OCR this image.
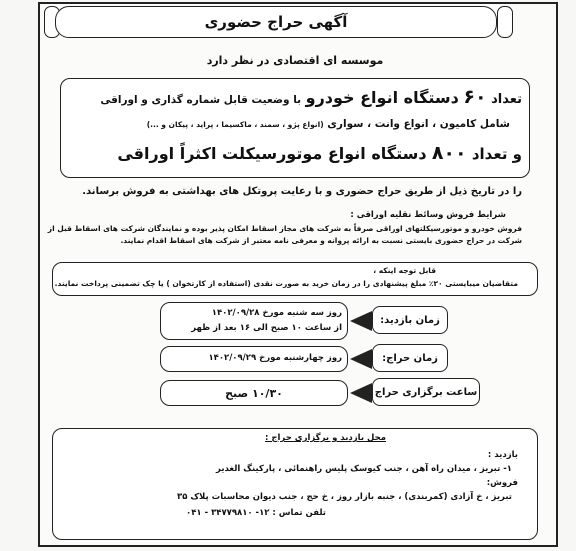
آگهی حراج حضوری
موسسه ای اقتصادی در نظر دارد
تعداد ۶۰ دستگاه انواع خودرو با وضعیت قابل شماره گذاری و اوراقی
شامل کامیون ، انواع وانت ، سواری (انواع پژو ، سمند ، ماکسیما ، پراید ، پیکان و ...)
و تعداد ۸۰۰ دستگاه انواع موتورسیکلت اکثراً اوراقی
را در تاریخ ذیل از طریق حراج حضوری و با رعایت پروتکل های بهداشتی به فروش برساند.
شرایط فروش وسائط نقلیه اوراقی :
فروش خودرو و موتورسیکلتهای اوراقی صرفاً به شرکت های مجاز اسقاط امکان پذیر بوده و نمایندگان شرکت های اسقاط قبل از
شرکت در حراج حضوری بایستی نسبت به ارائه پروانه و معرفی نامه معتبر از شرکت های اسقاط اقدام نمایند.
قابل توجه اینکه ،
متقاضیان میبایستی ۲۰٪ مبلغ پیشنهادی را در زمان خرید به صورت نقدی (استفاده از کارتخوان ) یا چک تضمینی پرداخت نمایند.
روز سه شنبه مورخ ۱۴۰۲/۰۹/۲۸
از ساعت ۱۰ صبح الی ۱۶ بعد از ظهر
زمان بازدید:
روز چهارشنبه مورخ ۱۴۰۲/۰۹/۲۹	زمان حراج:
۱۰/۳۰ صبح	ساعت برگزاری حراج
محل بازدید و برگزاری حراج :
بازدید :
۱- تبریز ، میدان راه آهن ، جنب کیوسک پلیس راهنمائی ، پارکینگ الغدیر
فروش:
تبریز ، خ آزادی (کمربندی) ، جنبه بازار روز ، خ حج ، جنب دیوان محاسبات پلاک ۳۵
تلفن تماس : ۱۲- ۳۴۷۷۹۸۱۰ - ۰۴۱
